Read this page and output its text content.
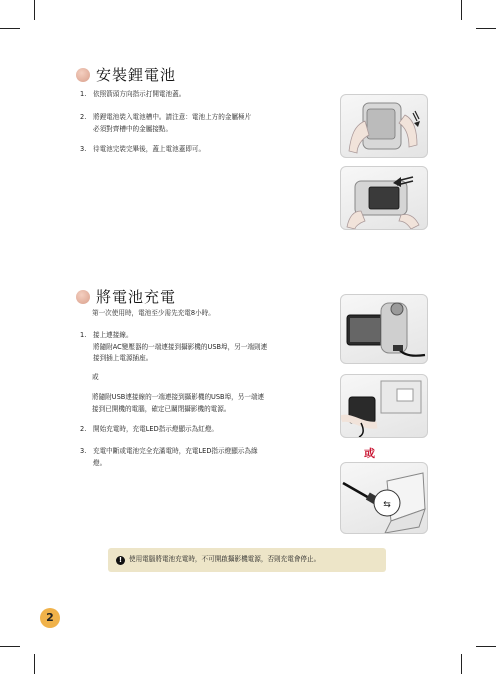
安裝鋰電池
1.	依照箭頭方向指示打開電池蓋。
2.	將鋰電池裝入電池槽中。請注意：電池上方的金屬極片
必須對齊槽中的金屬接點。
3.	待電池完裝完畢後，蓋上電池蓋即可。
將電池充電
第一次使用時，電池至少需先充電8小時。
1.	接上連接線。
將隨附AC變壓器的一端連接到攝影機的USB埠，另一端則連
接到插上電源插座。
或
將隨附USB連接線的一端連接到攝影機的USB埠，另一端連
接到已開機的電腦，確定已關閉攝影機的電源。
2.	開始充電時，充電LED指示燈顯示為紅燈。
3.	充電中斷或電池完全充滿電時，充電LED指示燈顯示為綠
燈。
或
⇆
!	使用電腦將電池充電時，不可開啟攝影機電源，否則充電會停止。
2
